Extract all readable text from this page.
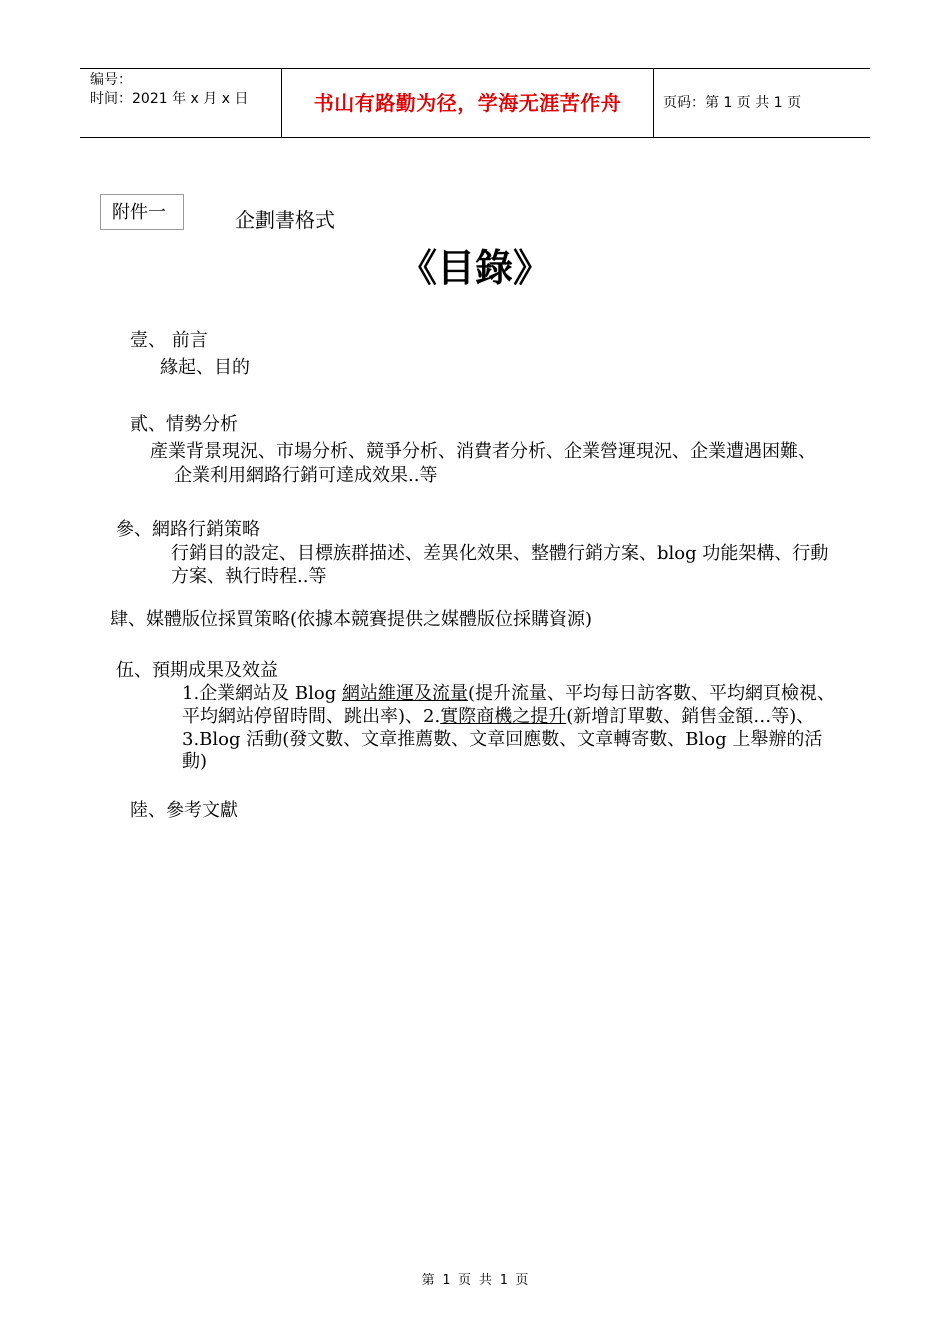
编号：
时间：2021 年 x 月 x 日	书山有路勤为径，学海无涯苦作舟	页码：第 1 页 共 1 页
附件一	企劃書格式
《目錄》
壹、 前言
緣起、目的
貳、情勢分析
產業背景現況、市場分析、競爭分析、消費者分析、企業營運現況、企業遭遇困難、
企業利用網路行銷可達成效果..等
參、網路行銷策略
行銷目的設定、目標族群描述、差異化效果、整體行銷方案、blog 功能架構、行動
方案、執行時程..等
肆、媒體版位採買策略(依據本競賽提供之媒體版位採購資源)
伍、預期成果及效益
1.企業網站及 Blog 網站維運及流量(提升流量、平均每日訪客數、平均網頁檢視、
平均網站停留時間、跳出率)、2.實際商機之提升(新增訂單數、銷售金額…等)、
3.Blog 活動(發文數、文章推薦數、文章回應數、文章轉寄數、Blog 上舉辦的活
動)
陸、參考文獻
第 1 页 共 1 页
